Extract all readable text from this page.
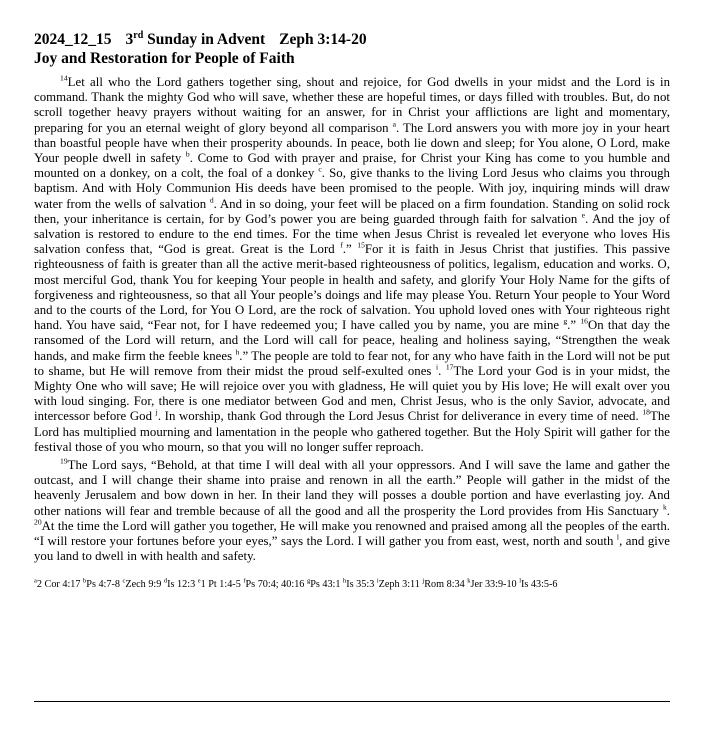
2024_12_15 3rd Sunday in Advent Zeph 3:14-20
Joy and Restoration for People of Faith

$^{14}$Let all who the Lord gathers together sing, shout and rejoice, for God dwells in your midst and the Lord is in command. Thank the mighty God who will save, whether these are hopeful times, or days filled with troubles. But, do not scroll together heavy prayers without waiting for an answer, for in Christ your afflictions are light and momentary, preparing for you an eternal weight of glory beyond all comparison $^a$. The Lord answers you with more joy in your heart than boastful people have when their prosperity abounds. In peace, both lie down and sleep; for You alone, O Lord, make Your people dwell in safety $^b$. Come to God with prayer and praise, for Christ your King has come to you humble and mounted on a donkey, on a colt, the foal of a donkey $^c$. So, give thanks to the living Lord Jesus who claims you through baptism. And with Holy Communion His deeds have been promised to the people. With joy, inquiring minds will draw water from the wells of salvation $^d$. And in so doing, your feet will be placed on a firm foundation. Standing on solid rock then, your inheritance is certain, for by God’s power you are being guarded through faith for salvation $^e$. And the joy of salvation is restored to endure to the end times. For the time when Jesus Christ is revealed let everyone who loves His salvation confess that, “God is great. Great is the Lord $^f$.” $^{15}$For it is faith in Jesus Christ that justifies. This passive righteousness of faith is greater than all the active merit-based righteousness of politics, legalism, education and works. O, most merciful God, thank You for keeping Your people in health and safety, and glorify Your Holy Name for the gifts of forgiveness and righteousness, so that all Your people’s doings and life may please You. Return Your people to Your Word and to the courts of the Lord, for You O Lord, are the rock of salvation. You uphold loved ones with Your righteous right hand. You have said, “Fear not, for I have redeemed you; I have called you by name, you are mine $^g$.” $^{16}$On that day the ransomed of the Lord will return, and the Lord will call for peace, healing and holiness saying, “Strengthen the weak hands, and make firm the feeble knees $^h$.” The people are told to fear not, for any who have faith in the Lord will not be put to shame, but He will remove from their midst the proud self-exulted ones $^i$. $^{17}$The Lord your God is in your midst, the Mighty One who will save; He will rejoice over you with gladness, He will quiet you by His love; He will exalt over you with loud singing. For, there is one mediator between God and men, Christ Jesus, who is the only Savior, advocate, and intercessor before God $^j$. In worship, thank God through the Lord Jesus Christ for deliverance in every time of need. $^{18}$The Lord has multiplied mourning and lamentation in the people who gathered together. But the Holy Spirit will gather for the festival those of you who mourn, so that you will no longer suffer reproach.

$^{19}$The Lord says, “Behold, at that time I will deal with all your oppressors. And I will save the lame and gather the outcast, and I will change their shame into praise and renown in all the earth.” People will gather in the midst of the heavenly Jerusalem and bow down in her. In their land they will posses a double portion and have everlasting joy. And other nations will fear and tremble because of all the good and all the prosperity the Lord provides from His Sanctuary $^k$. $^{20}$At the time the Lord will gather you together, He will make you renowned and praised among all the peoples of the earth. “I will restore your fortunes before your eyes,” says the Lord. I will gather you from east, west, north and south $^l$, and give you land to dwell in with health and safety.

$^a$2 Cor 4:17 $^b$Ps 4:7-8 $^c$Zech 9:9 $^d$Is 12:3 $^e$1 Pt 1:4-5 $^f$Ps 70:4; 40:16 $^g$Ps 43:1 $^h$Is 35:3 $^i$Zeph 3:11 $^j$Rom 8:34 $^k$Jer 33:9-10 $^l$Is 43:5-6
